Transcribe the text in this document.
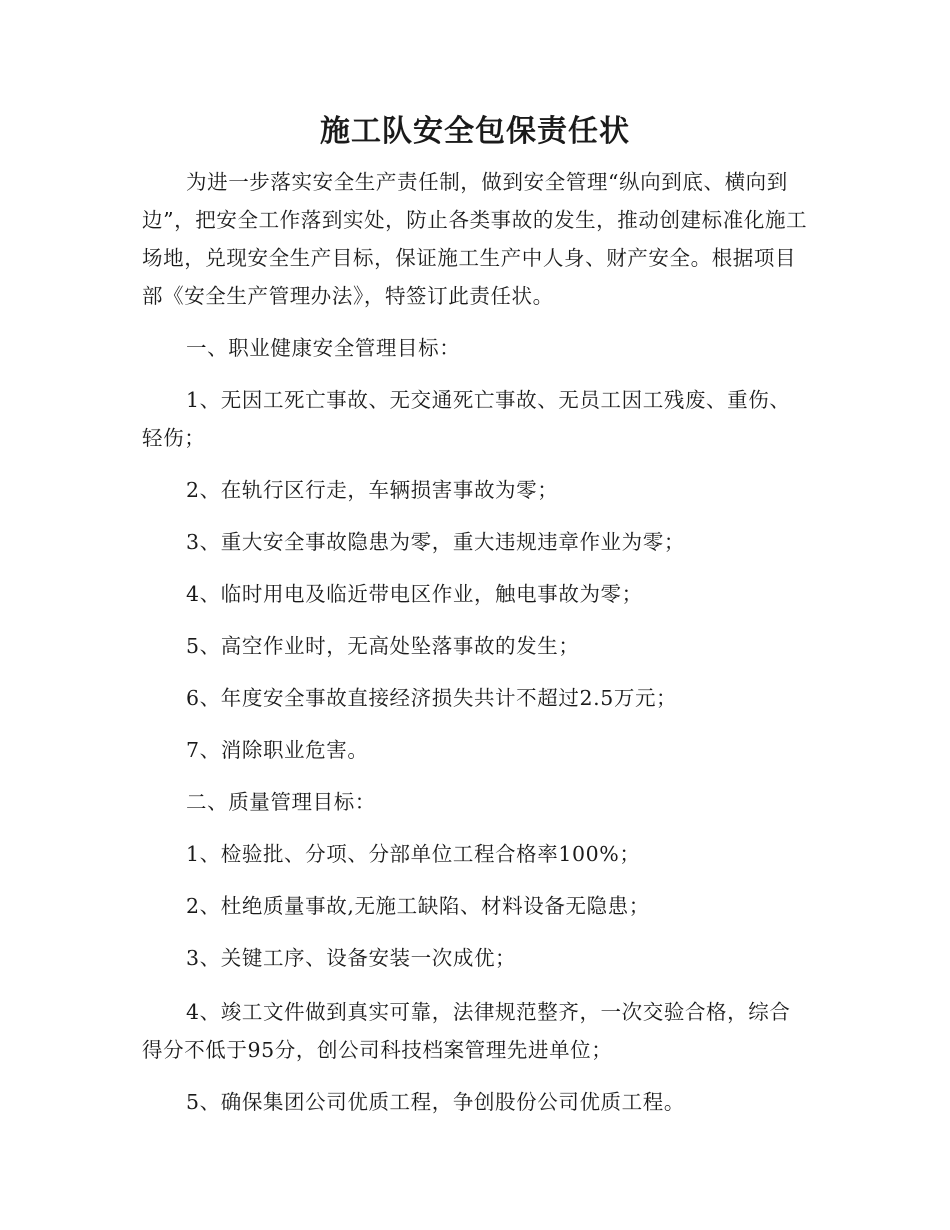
施工队安全包保责任状

为进一步落实安全生产责任制，做到安全管理“纵向到底、横向到边”，把安全工作落到实处，防止各类事故的发生，推动创建标准化施工场地，兑现安全生产目标，保证施工生产中人身、财产安全。根据项目部《安全生产管理办法》，特签订此责任状。

一、职业健康安全管理目标：

1、无因工死亡事故、无交通死亡事故、无员工因工残废、重伤、轻伤；

2、在轨行区行走，车辆损害事故为零；

3、重大安全事故隐患为零，重大违规违章作业为零；

4、临时用电及临近带电区作业，触电事故为零；

5、高空作业时，无高处坠落事故的发生；

6、年度安全事故直接经济损失共计不超过2.5万元；

7、消除职业危害。

二、质量管理目标：

1、检验批、分项、分部单位工程合格率100%；

2、杜绝质量事故,无施工缺陷、材料设备无隐患；

3、关键工序、设备安装一次成优；

4、竣工文件做到真实可靠，法律规范整齐，一次交验合格，综合得分不低于95分，创公司科技档案管理先进单位；

5、确保集团公司优质工程，争创股份公司优质工程。
